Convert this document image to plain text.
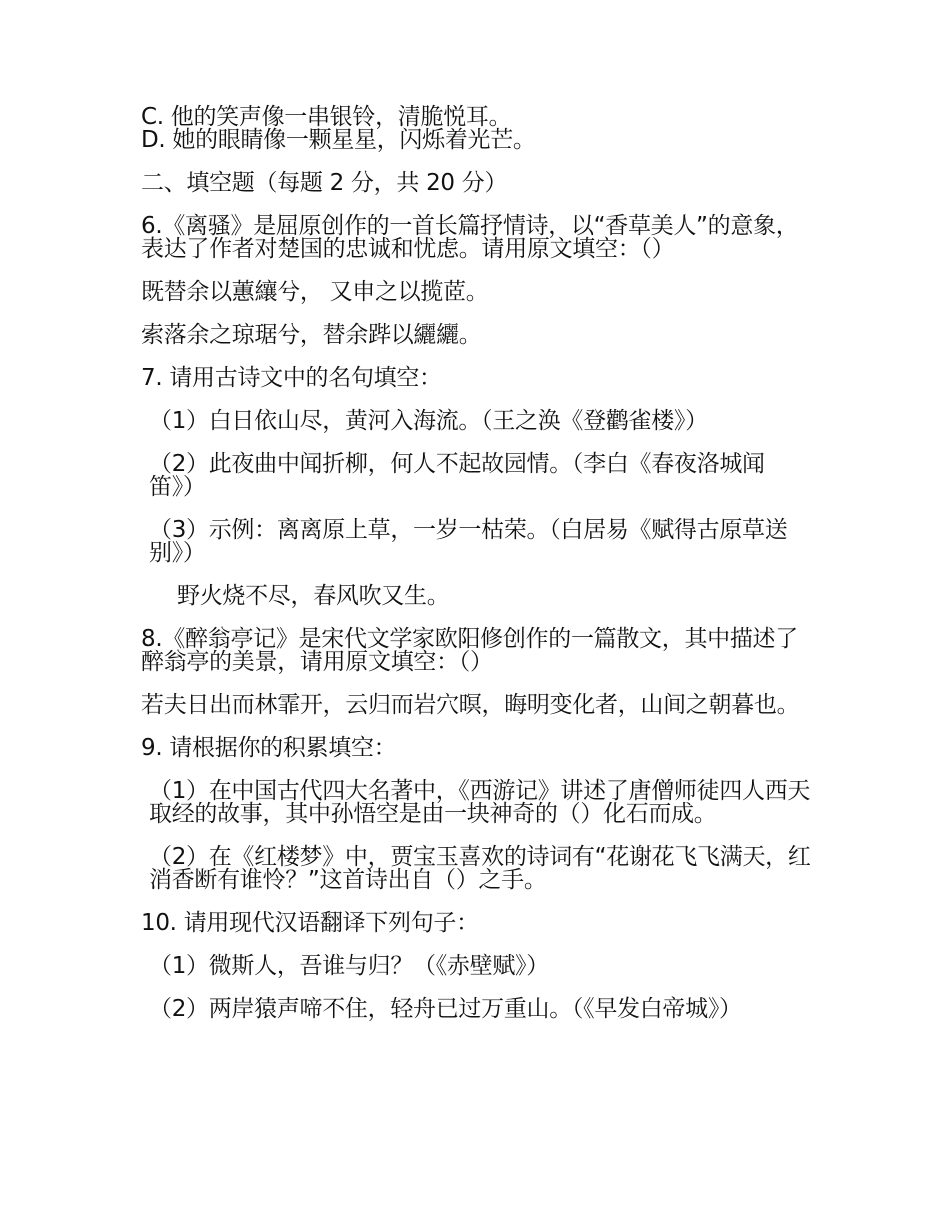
C. 他的笑声像一串银铃，清脆悦耳。

D. 她的眼睛像一颗星星，闪烁着光芒。

二、填空题（每题 2 分，共 20 分）

6.《离骚》是屈原创作的一首长篇抒情诗，以“香草美人”的意象，表达了作者对楚国的忠诚和忧虑。请用原文填空：（）

既替余以蕙纕兮， 又申之以揽茝。

索落余之琼琚兮，替余跸以纚纚。

7. 请用古诗文中的名句填空：

（1）白日依山尽，黄河入海流。（王之涣《登鹳雀楼》）

（2）此夜曲中闻折柳，何人不起故园情。（李白《春夜洛城闻笛》）

（3）示例：离离原上草，一岁一枯荣。（白居易《赋得古原草送别》）

野火烧不尽，春风吹又生。

8.《醉翁亭记》是宋代文学家欧阳修创作的一篇散文，其中描述了醉翁亭的美景，请用原文填空：（）

若夫日出而林霏开，云归而岩穴暝，晦明变化者，山间之朝暮也。

9. 请根据你的积累填空：

（1）在中国古代四大名著中，《西游记》讲述了唐僧师徒四人西天取经的故事，其中孙悟空是由一块神奇的（）化石而成。

（2）在《红楼梦》中，贾宝玉喜欢的诗词有“花谢花飞飞满天，红消香断有谁怜？”这首诗出自（）之手。

10. 请用现代汉语翻译下列句子：

（1）微斯人，吾谁与归？（《赤壁赋》）

（2）两岸猿声啼不住，轻舟已过万重山。（《早发白帝城》）
